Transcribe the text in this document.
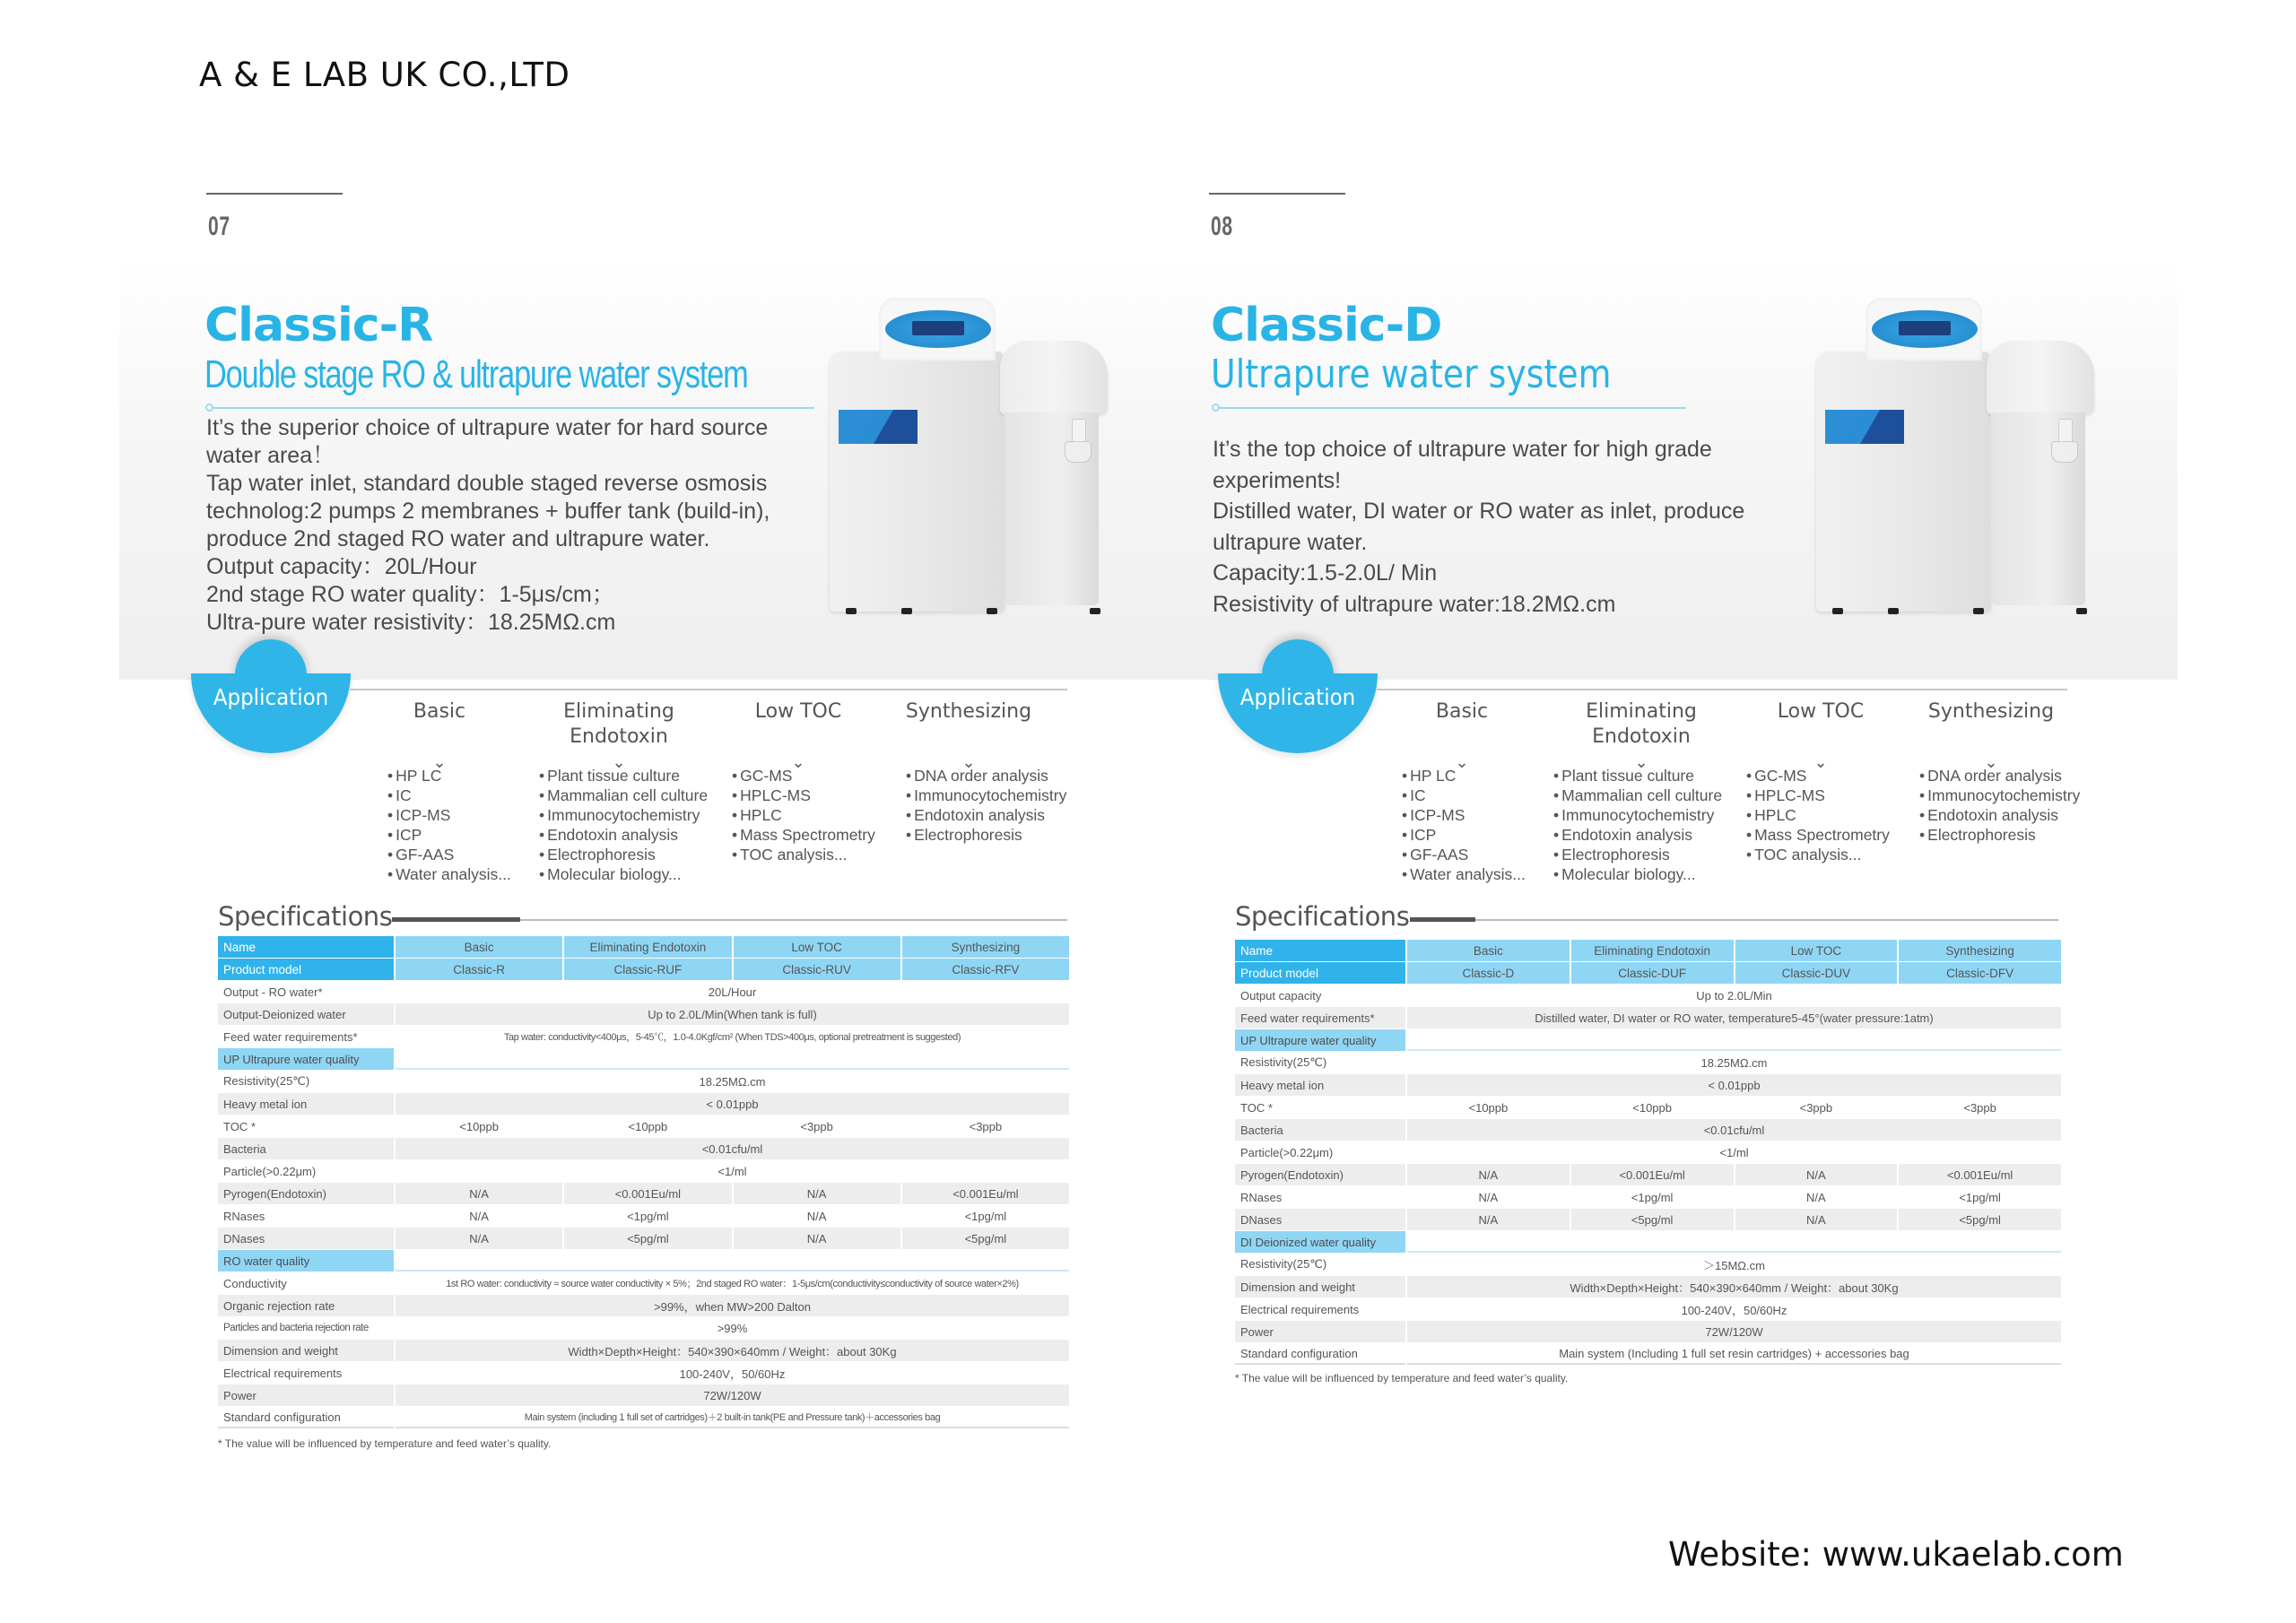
A & E LAB UK CO.,LTD
07
Classic-R
Double stage RO & ultrapure water system
It’s the superior choice of ultrapure water for hard source
water area！
Tap water inlet, standard double staged reverse osmosis
technolog:2 pumps 2 membranes + buffer tank (build-in),
produce 2nd staged RO water and ultrapure water.
Output capacity：20L/Hour
2nd stage RO water quality：1-5μs/cm；
Ultra-pure water resistivity：18.25MΩ.cm
Application
Basic
⌄
• HP LC
• IC
• ICP-MS
• ICP
• GF-AAS
• Water analysis...
Eliminating
Endotoxin
⌄
• Plant tissue culture
• Mammalian cell culture
• Immunocytochemistry
• Endotoxin analysis
• Electrophoresis
• Molecular biology...
Low TOC
⌄
• GC-MS
• HPLC-MS
• HPLC
• Mass Spectrometry
• TOC analysis...
Synthesizing
⌄
• DNA order analysis
• Immunocytochemistry
• Endotoxin analysis
• Electrophoresis
Specifications
Name	Basic	Eliminating Endotoxin	Low TOC	Synthesizing
Product model	Classic-R	Classic-RUF	Classic-RUV	Classic-RFV
Output - RO water*	20L/Hour			
Output-Deionized water	Up to 2.0L/Min(When tank is full)			
Feed water requirements*	Tap water: conductivity<400μs，5-45℃，1.0-4.0Kgf/cm² (When TDS>400μs, optional pretreatment is suggested)			
UP Ultrapure water quality				
Resistivity(25℃)	18.25MΩ.cm			
Heavy metal ion	< 0.01ppb			
TOC *	<10ppb	<10ppb	<3ppb	<3ppb
Bacteria	<0.01cfu/ml			
Particle(>0.22μm)	<1/ml			
Pyrogen(Endotoxin)	N/A	<0.001Eu/ml	N/A	<0.001Eu/ml
RNases	N/A	<1pg/ml	N/A	<1pg/ml
DNases	N/A	<5pg/ml	N/A	<5pg/ml
RO water quality				
Conductivity	1st RO water: conductivity ≈ source water conductivity × 5%；2nd staged RO water：1-5μs/cm(conductivity≤conductivity of source water×2%)			
Organic rejection rate	>99%，when MW>200 Dalton			
Particles and bacteria rejection rate	>99%			
Dimension and weight	Width×Depth×Height：540×390×640mm / Weight：about 30Kg			
Electrical requirements	100-240V，50/60Hz			
Power	72W/120W			
Standard configuration	Main system (including 1 full set of cartridges)＋2 built-in tank(PE and Pressure tank)＋accessories bag			
* The value will be influenced by temperature and feed water’s quality.
08
Classic-D
Ultrapure water system
It’s the top choice of ultrapure water for high grade
experiments!
Distilled water, DI water or RO water as inlet, produce
ultrapure water.
Capacity:1.5-2.0L/ Min
Resistivity of ultrapure water:18.2MΩ.cm
Application
Basic
⌄
• HP LC
• IC
• ICP-MS
• ICP
• GF-AAS
• Water analysis...
Eliminating
Endotoxin
⌄
• Plant tissue culture
• Mammalian cell culture
• Immunocytochemistry
• Endotoxin analysis
• Electrophoresis
• Molecular biology...
Low TOC
⌄
• GC-MS
• HPLC-MS
• HPLC
• Mass Spectrometry
• TOC analysis...
Synthesizing
⌄
• DNA order analysis
• Immunocytochemistry
• Endotoxin analysis
• Electrophoresis
Specifications
Name	Basic	Eliminating Endotoxin	Low TOC	Synthesizing
Product model	Classic-D	Classic-DUF	Classic-DUV	Classic-DFV
Output capacity	Up to 2.0L/Min			
Feed water requirements*	Distilled water, DI water or RO water, temperature5-45°(water pressure:1atm)			
UP Ultrapure water quality				
Resistivity(25℃)	18.25MΩ.cm			
Heavy metal ion	< 0.01ppb			
TOC *	<10ppb	<10ppb	<3ppb	<3ppb
Bacteria	<0.01cfu/ml			
Particle(>0.22μm)	<1/ml			
Pyrogen(Endotoxin)	N/A	<0.001Eu/ml	N/A	<0.001Eu/ml
RNases	N/A	<1pg/ml	N/A	<1pg/ml
DNases	N/A	<5pg/ml	N/A	<5pg/ml
DI Deionized water quality				
Resistivity(25℃)	＞15MΩ.cm			
Dimension and weight	Width×Depth×Height：540×390×640mm / Weight：about 30Kg			
Electrical requirements	100-240V，50/60Hz			
Power	72W/120W			
Standard configuration	Main system (Including 1 full set resin cartridges) + accessories bag			
* The value will be influenced by temperature and feed water’s quality.
Website: www.ukaelab.com
